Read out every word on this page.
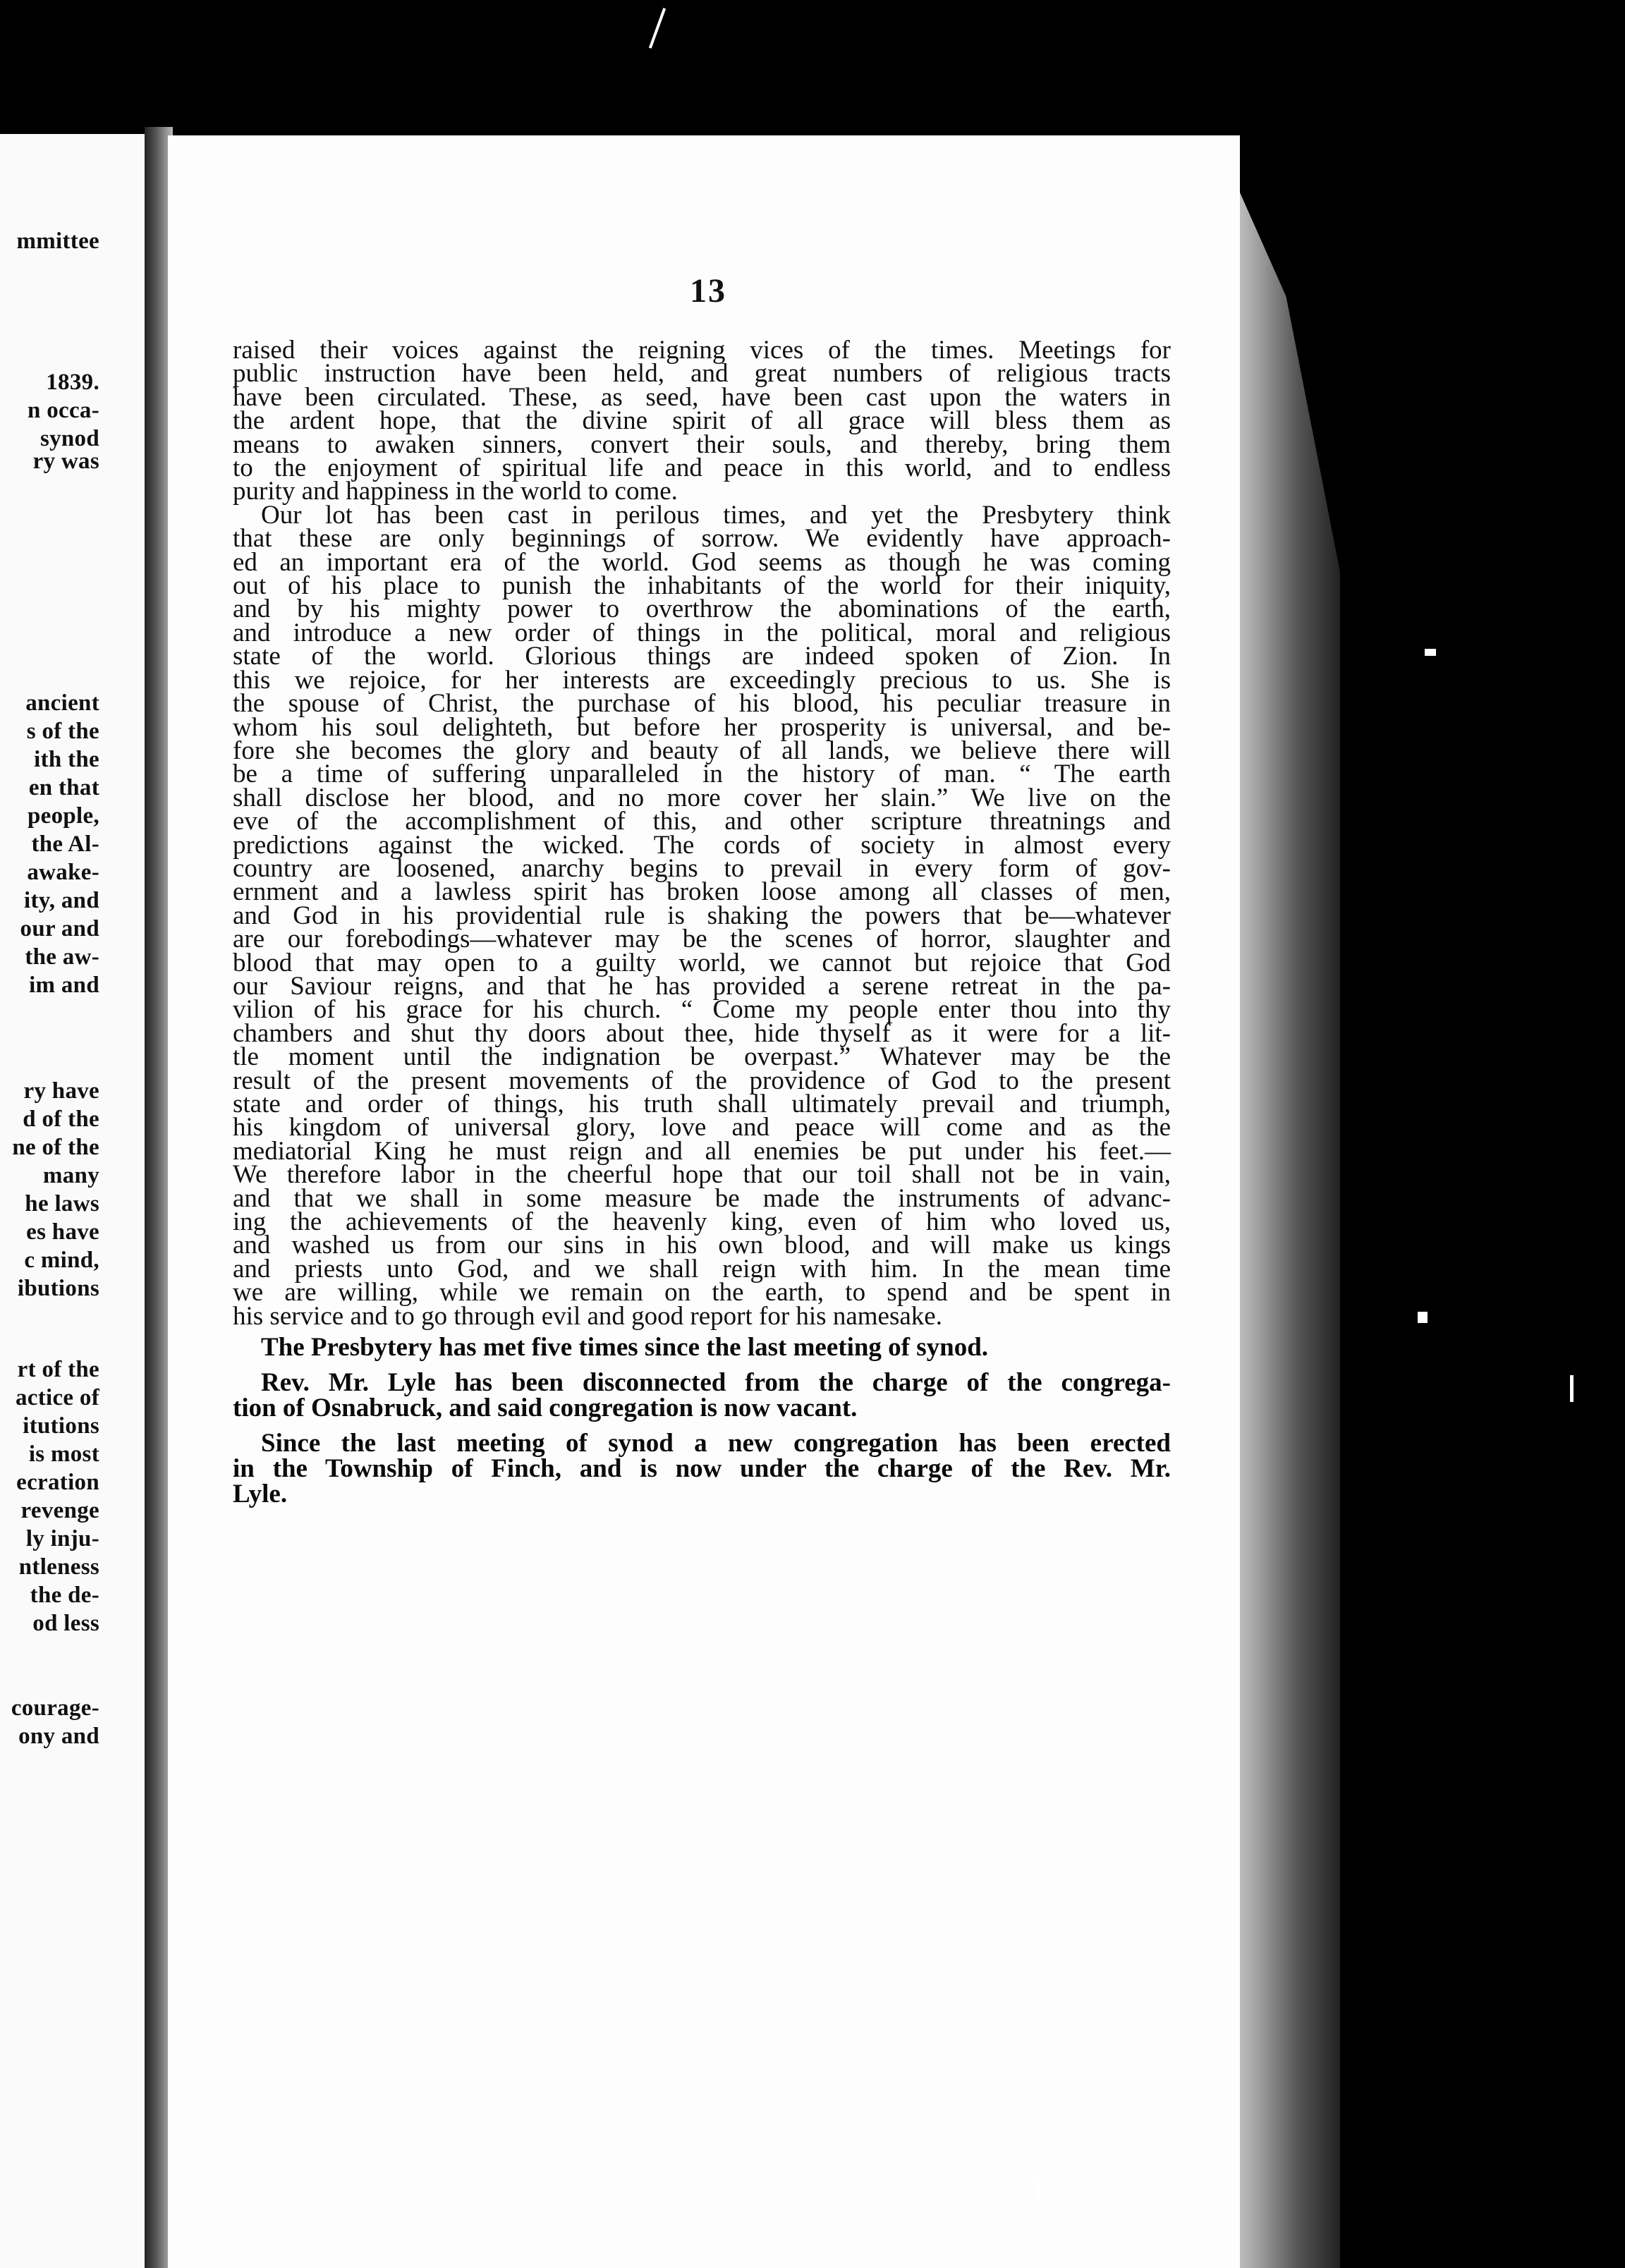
mmittee
1839.
n occa-
synod
ry was
ancient
s of the
ith the
en that
people,
the Al-
awake-
ity, and
our and
the aw-
im and
ry have
d of the
ne of the
many
he laws
es have
c mind,
ibutions
rt of the
actice of
itutions
is most
ecration
revenge
ly inju-
ntleness
the de-
od less
courage-
ony and
13
raised their voices against the reigning vices of the times. Meetings for
public instruction have been held, and great numbers of religious tracts
have been circulated. These, as seed, have been cast upon the waters in
the ardent hope, that the divine spirit of all grace will bless them as
means to awaken sinners, convert their souls, and thereby, bring them
to the enjoyment of spiritual life and peace in this world, and to endless
purity and happiness in the world to come.
Our lot has been cast in perilous times, and yet the Presbytery think
that these are only beginnings of sorrow. We evidently have approach-
ed an important era of the world. God seems as though he was coming
out of his place to punish the inhabitants of the world for their iniquity,
and by his mighty power to overthrow the abominations of the earth,
and introduce a new order of things in the political, moral and religious
state of the world. Glorious things are indeed spoken of Zion. In
this we rejoice, for her interests are exceedingly precious to us. She is
the spouse of Christ, the purchase of his blood, his peculiar treasure in
whom his soul delighteth, but before her prosperity is universal, and be-
fore she becomes the glory and beauty of all lands, we believe there will
be a time of suffering unparalleled in the history of man. “ The earth
shall disclose her blood, and no more cover her slain.” We live on the
eve of the accomplishment of this, and other scripture threatnings and
predictions against the wicked. The cords of society in almost every
country are loosened, anarchy begins to prevail in every form of gov-
ernment and a lawless spirit has broken loose among all classes of men,
and God in his providential rule is shaking the powers that be—whatever
are our forebodings—whatever may be the scenes of horror, slaughter and
blood that may open to a guilty world, we cannot but rejoice that God
our Saviour reigns, and that he has provided a serene retreat in the pa-
vilion of his grace for his church. “ Come my people enter thou into thy
chambers and shut thy doors about thee, hide thyself as it were for a lit-
tle moment until the indignation be overpast.” Whatever may be the
result of the present movements of the providence of God to the present
state and order of things, his truth shall ultimately prevail and triumph,
his kingdom of universal glory, love and peace will come and as the
mediatorial King he must reign and all enemies be put under his feet.—
We therefore labor in the cheerful hope that our toil shall not be in vain,
and that we shall in some measure be made the instruments of advanc-
ing the achievements of the heavenly king, even of him who loved us,
and washed us from our sins in his own blood, and will make us kings
and priests unto God, and we shall reign with him. In the mean time
we are willing, while we remain on the earth, to spend and be spent in
his service and to go through evil and good report for his namesake.
The Presbytery has met five times since the last meeting of synod.
Rev. Mr. Lyle has been disconnected from the charge of the congrega-
tion of Osnabruck, and said congregation is now vacant.
Since the last meeting of synod a new congregation has been erected
in the Township of Finch, and is now under the charge of the Rev. Mr.
Lyle.
